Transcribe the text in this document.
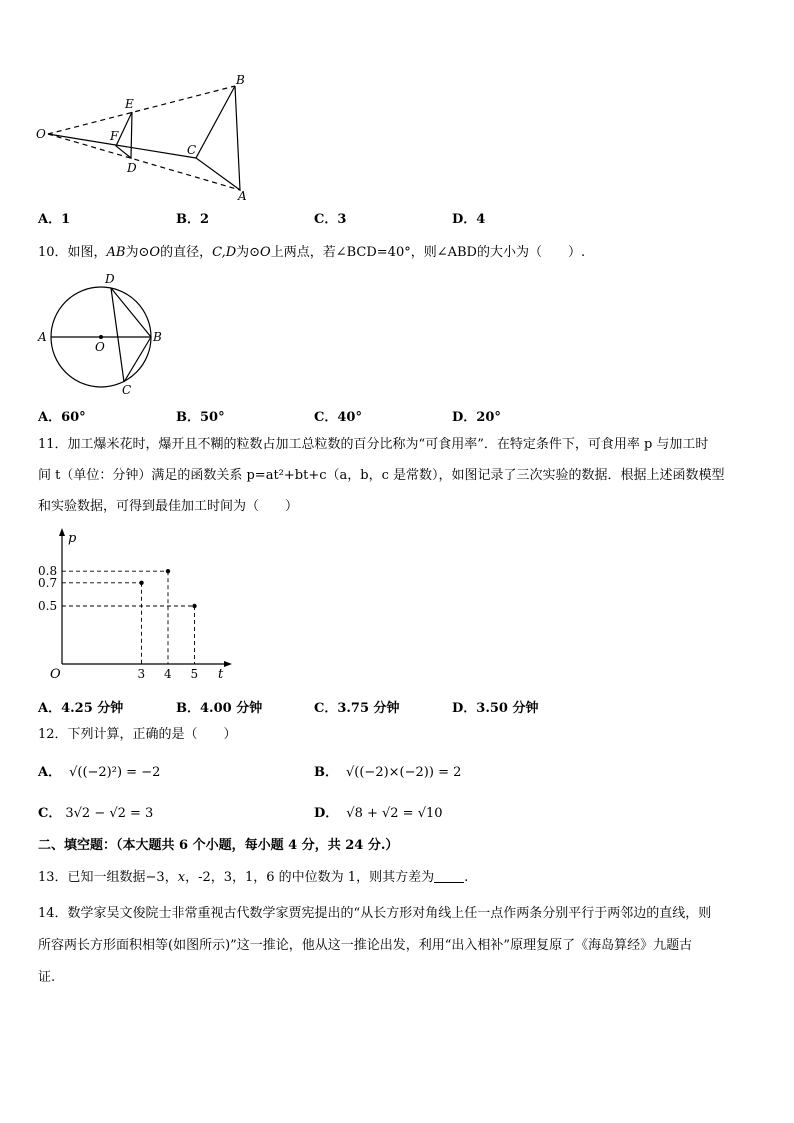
O
E
F
D
C
B
A
A．1	B．2	C．3	D．4
10．如图，AB为⊙O的直径，C,D为⊙O上两点，若∠BCD=40°，则∠ABD的大小为（　　）.
A	B
D
C
O
A．60°	B．50°	C．40°	D．20°
11．加工爆米花时，爆开且不糊的粒数占加工总粒数的百分比称为“可食用率”．在特定条件下，可食用率 p 与加工时
间 t（单位：分钟）满足的函数关系 p=at²+bt+c（a，b，c 是常数），如图记录了三次实验的数据．根据上述函数模型
和实验数据，可得到最佳加工时间为（　　）
p
t
O	3 4 5
0.8
0.7
0.5
A．4.25 分钟	B．4.00 分钟	C．3.75 分钟	D．3.50 分钟
12．下列计算，正确的是（　　）
A． √((−2)²) = −2	B． √((−2)×(−2)) = 2
C． 3√2 − √2 = 3	D． √8 + √2 = √10
二、填空题：（本大题共 6 个小题，每小题 4 分，共 24 分.）
13．已知一组数据−3，x，-2，3，1，6 的中位数为 1，则其方差为 .
14．数学家吴文俊院士非常重视古代数学家贾宪提出的“从长方形对角线上任一点作两条分别平行于两邻边的直线，则
所容两长方形面积相等(如图所示)”这一推论，他从这一推论出发，利用“出入相补”原理复原了《海岛算经》九题古
证.
